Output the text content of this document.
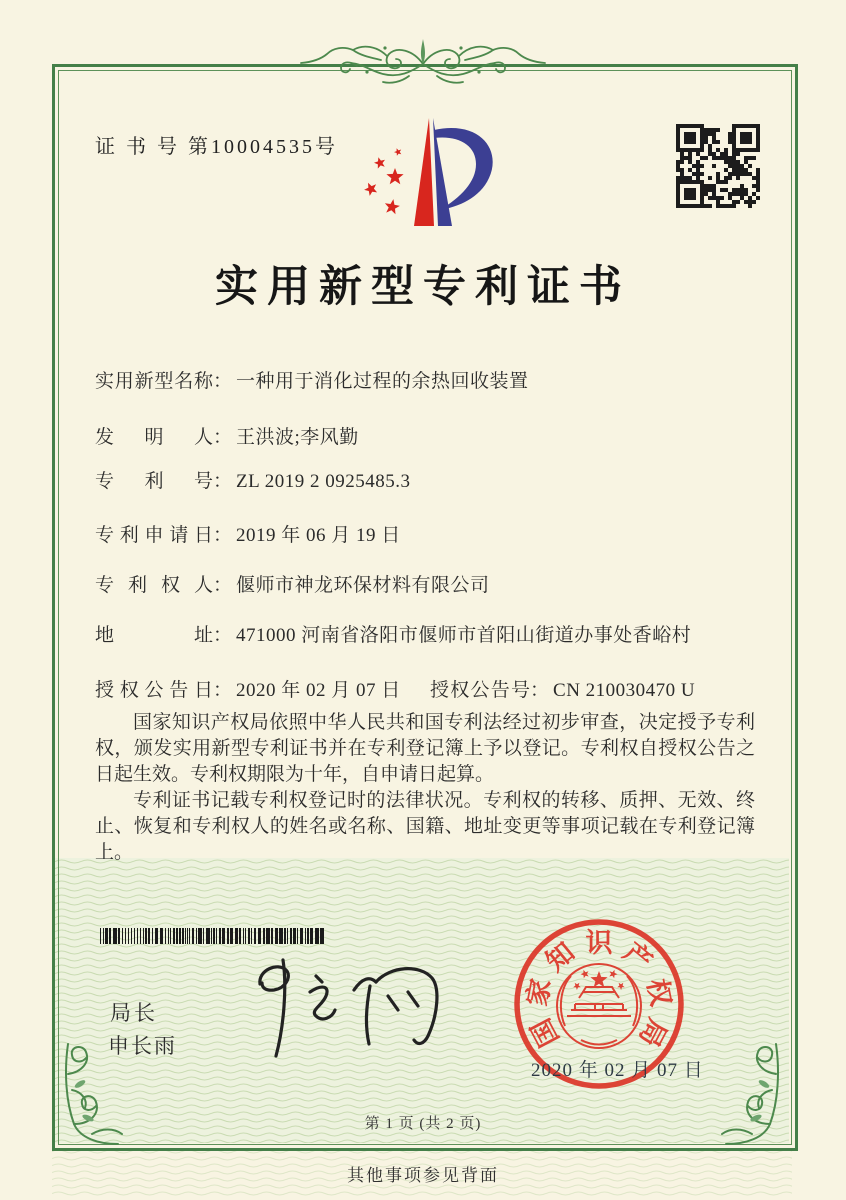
证 书 号 第10004535号
实用新型专利证书
实用新型名称： 一种用于消化过程的余热回收装置
发明人： 王洪波;李风勤
专利号： ZL 2019 2 0925485.3
专利申请日： 2019 年 06 月 19 日
专利权人： 偃师市神龙环保材料有限公司
地址： 471000 河南省洛阳市偃师市首阳山街道办事处香峪村
授权公告日： 2020 年 02 月 07 日 授权公告号： CN 210030470 U

国家知识产权局依照中华人民共和国专利法经过初步审查，决定授予专利权，颁发实用新型专利证书并在专利登记簿上予以登记。专利权自授权公告之日起生效。专利权期限为十年，自申请日起算。

专利证书记载专利权登记时的法律状况。专利权的转移、质押、无效、终止、恢复和专利权人的姓名或名称、国籍、地址变更等事项记载在专利登记簿上。

局长
申长雨	国
家
知 识 产
权
局
2020 年 02 月 07 日
第 1 页 (共 2 页)
其他事项参见背面
